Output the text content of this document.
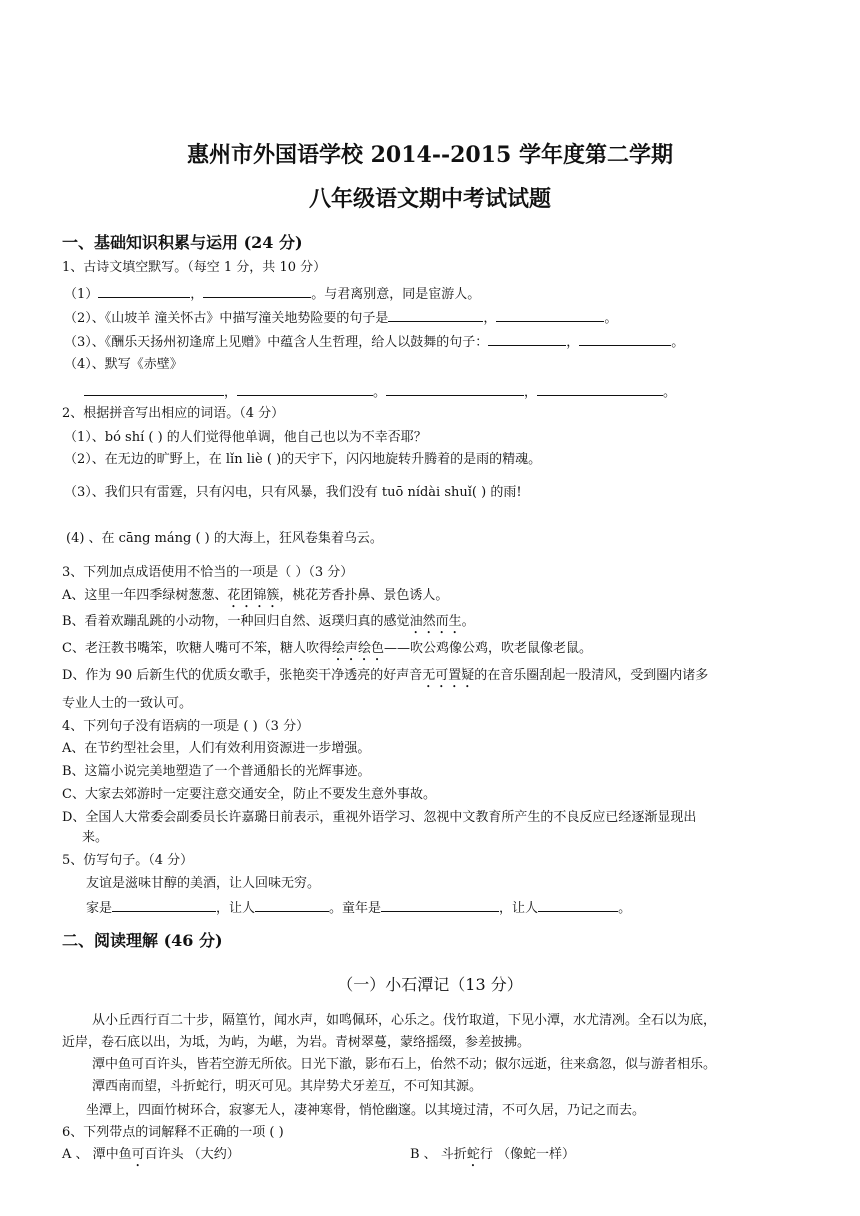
惠州市外国语学校 2014--2015 学年度第二学期
八年级语文期中考试试题
一、基础知识积累与运用 (24 分)
1、古诗文填空默写。（每空 1 分，共 10 分）
（1）	，	。与君离别意，同是宦游人。
（2）、《山坡羊 潼关怀古》中描写潼关地势险要的句子是	，	。
（3）、《酬乐天扬州初逢席上见赠》中蕴含人生哲理，给人以鼓舞的句子：	，	。
（4）、默写《赤壁》
，	。	，	。
2、根据拼音写出相应的词语。（4 分）
（1）、bó shí ( ) 的人们觉得他单调，他自己也以为不幸否耶？
（2）、在无边的旷野上，在 lǐn liè ( )的天宇下，闪闪地旋转升腾着的是雨的精魂。
（3）、我们只有雷霆，只有闪电，只有风暴，我们没有 tuō nídài shuǐ( ) 的雨!
(4) 、在 cāng máng ( ) 的大海上，狂风卷集着乌云。
3、下列加点成语使用不恰当的一项是（ ）（3 分）
A、这里一年四季绿树葱葱、花团锦簇，桃花芳香扑鼻、景色诱人。
B、看着欢蹦乱跳的小动物，一种回归自然、返璞归真的感觉油然而生。
C、老汪教书嘴笨，吹糖人嘴可不笨，糖人吹得绘声绘色——吹公鸡像公鸡，吹老鼠像老鼠。
D、作为 90 后新生代的优质女歌手，张艳奕干净透亮的好声音无可置疑的在音乐圈刮起一股清风，受到圈内诸多
专业人士的一致认可。
4、下列句子没有语病的一项是 ( )（3 分）
A、在节约型社会里，人们有效利用资源进一步增强。
B、这篇小说完美地塑造了一个普通船长的光辉事迹。
C、大家去郊游时一定要注意交通安全，防止不要发生意外事故。
D、全国人大常委会副委员长许嘉璐日前表示，重视外语学习、忽视中文教育所产生的不良反应已经逐渐显现出
来。
5、仿写句子。（4 分）
友谊是滋味甘醇的美酒，让人回味无穷。
家是	，让人	。童年是	，让人	。
二、阅读理解 (46 分)
（一）小石潭记（13 分）
从小丘西行百二十步，隔篁竹，闻水声，如鸣佩环，心乐之。伐竹取道，下见小潭，水尤清冽。全石以为底，
近岸，卷石底以出，为坻，为屿，为嵁，为岩。青树翠蔓，蒙络摇缀，参差披拂。
潭中鱼可百许头，皆若空游无所依。日光下澈，影布石上，佁然不动；俶尔远逝，往来翕忽，似与游者相乐。
潭西南而望，斗折蛇行，明灭可见。其岸势犬牙差互，不可知其源。
坐潭上，四面竹树环合，寂寥无人，凄神寒骨，悄怆幽邃。以其境过清，不可久居，乃记之而去。
6、下列带点的词解释不正确的一项 ( )
A 、 潭中鱼可百许头 （大约）	B 、 斗折蛇行 （像蛇一样）
